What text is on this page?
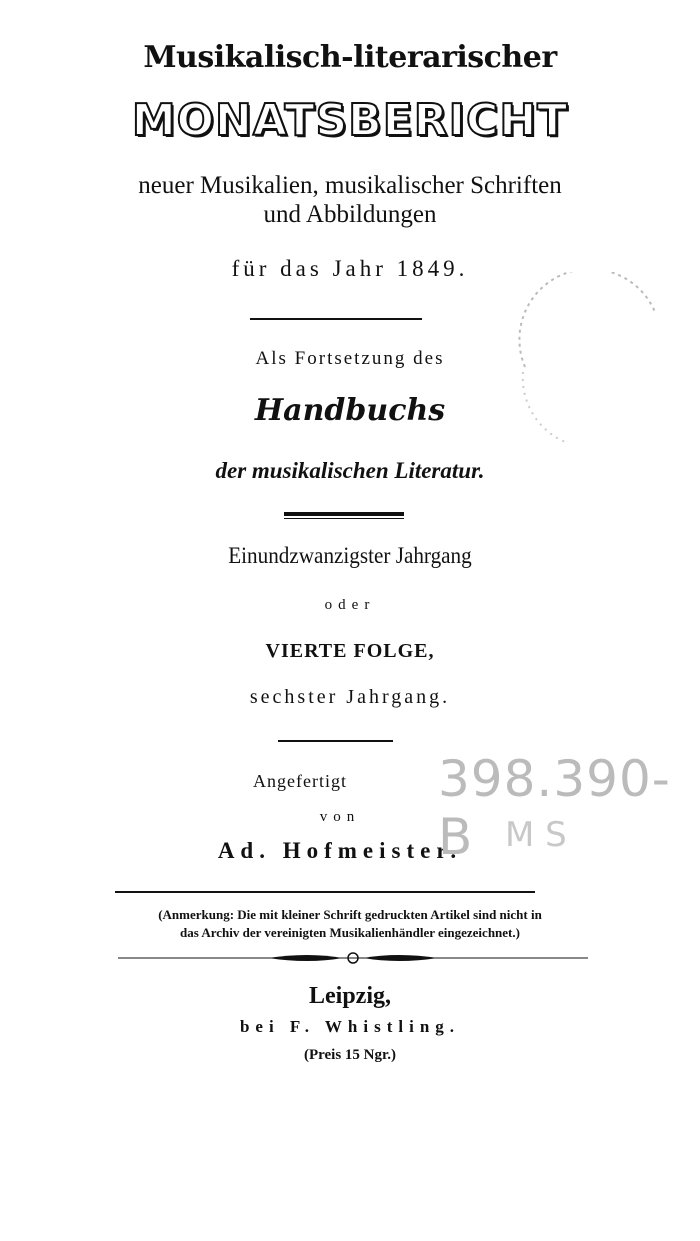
Musikalisch-literarischer
MONATSBERICHT
neuer Musikalien, musikalischer Schriften
und Abbildungen
für das Jahr 1849.
Als Fortsetzung des
Handbuchs
der musikalischen Literatur.
Einundzwanzigster Jahrgang
oder
VIERTE FOLGE,
sechster Jahrgang.
Angefertigt
von
Ad. Hofmeister.
398.390-B M S
(Anmerkung: Die mit kleiner Schrift gedruckten Artikel sind nicht in
das Archiv der vereinigten Musikalienhändler eingezeichnet.)
Leipzig,
bei F. Whistling.
(Preis 15 Ngr.)
